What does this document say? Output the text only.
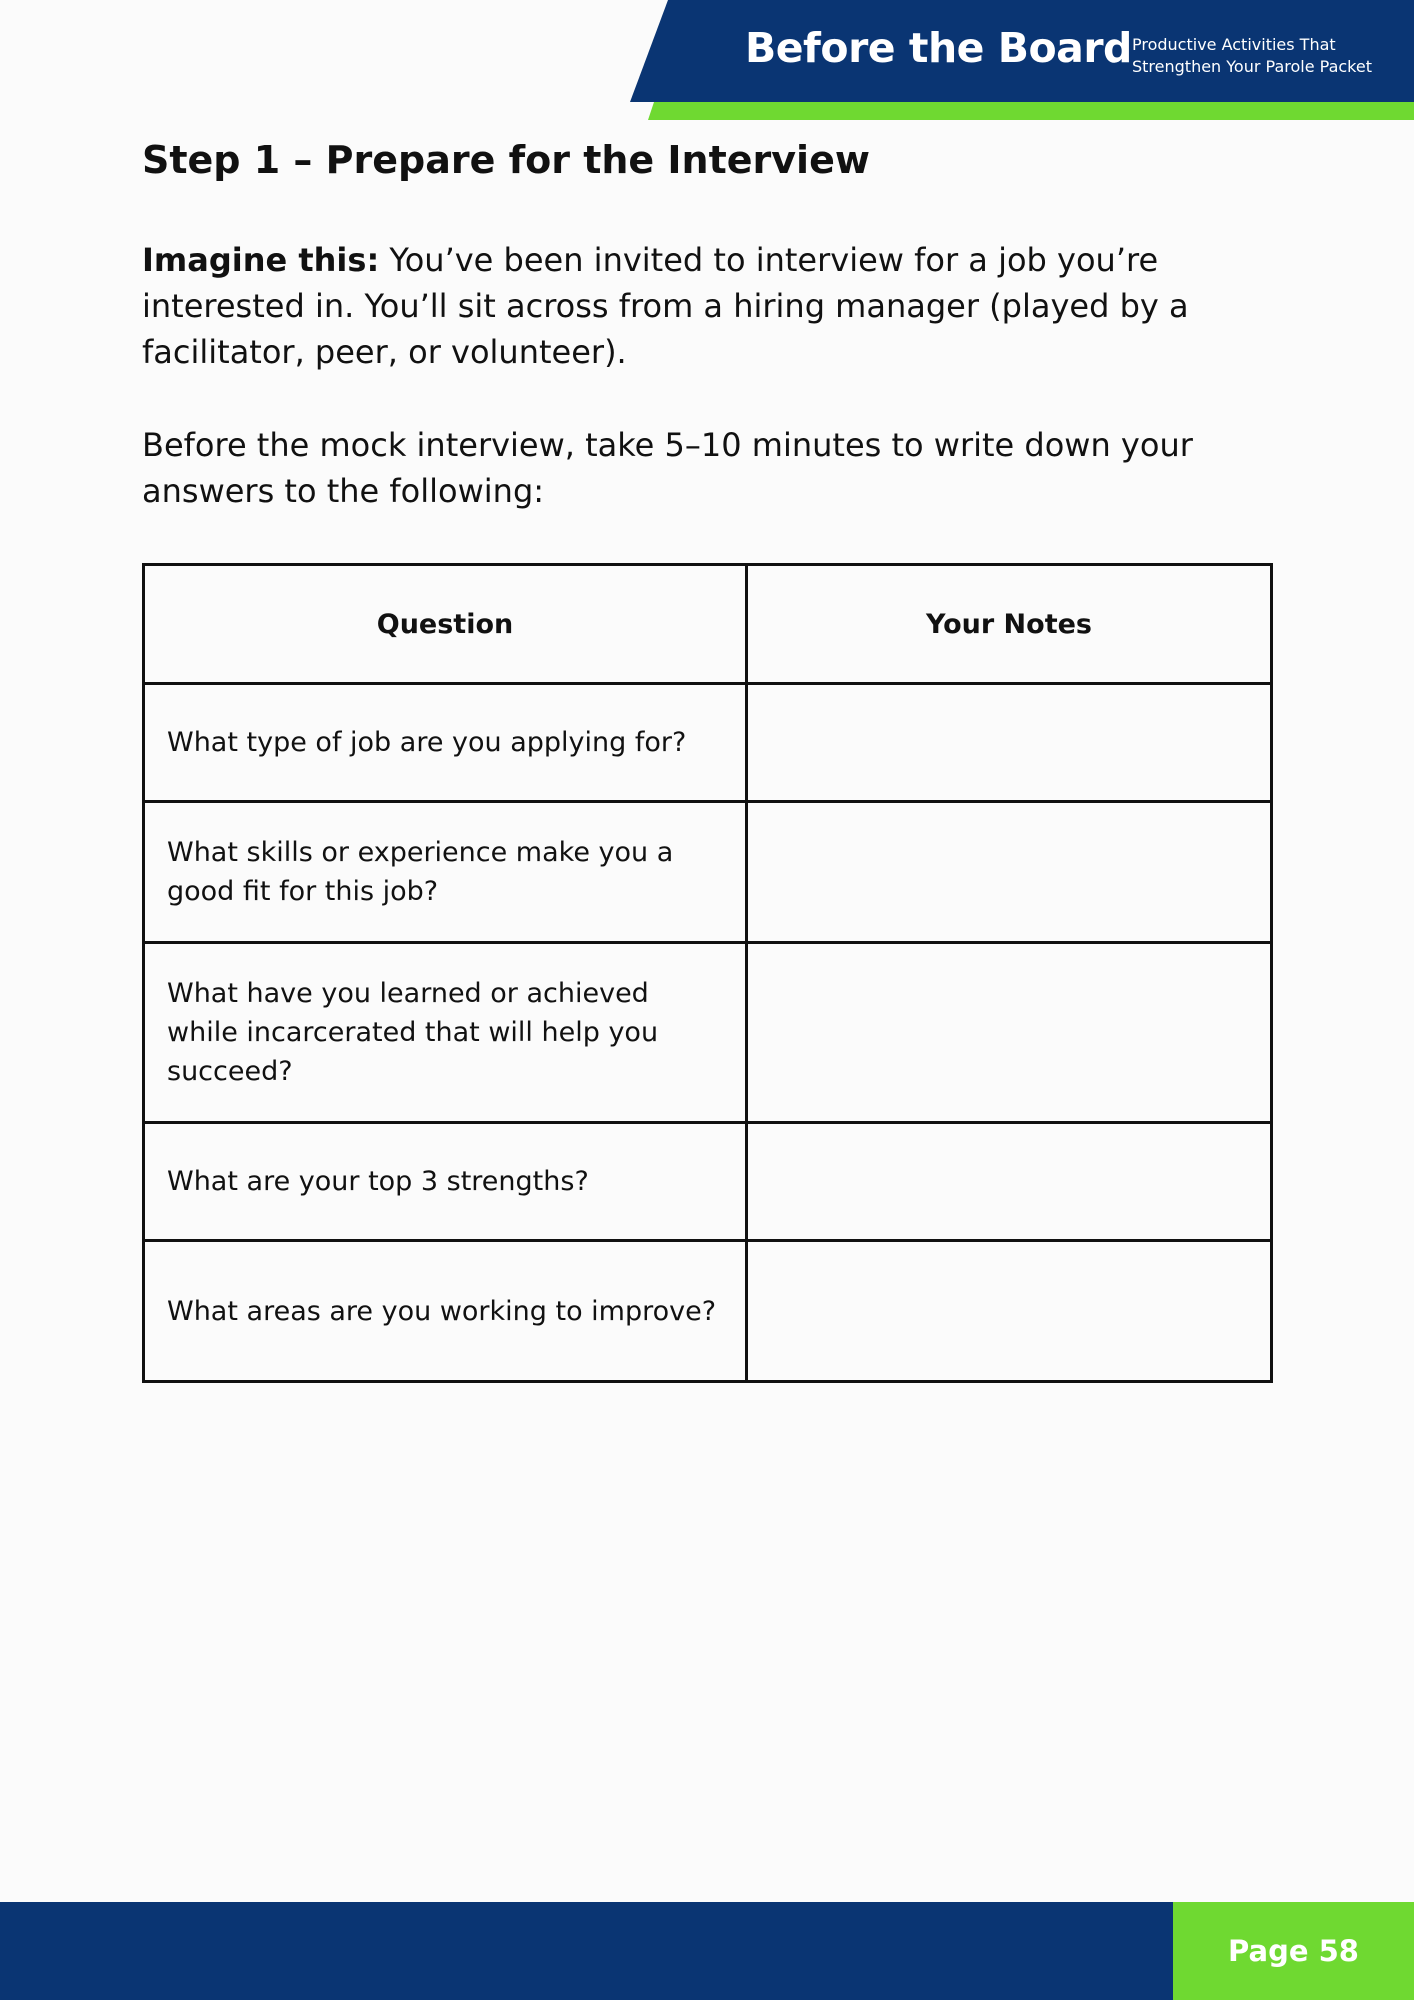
Before the Board Productive Activities That
Strengthen Your Parole Packet
Step 1 – Prepare for the Interview

Imagine this: You’ve been invited to interview for a job you’re interested in. You’ll sit across from a hiring manager (played by a facilitator, peer, or volunteer).

Before the mock interview, take 5–10 minutes to write down your answers to the following:

Question	Your Notes
What type of job are you applying for?	
What skills or experience make you a good fit for this job?	
What have you learned or achieved while incarcerated that will help you succeed?	
What are your top 3 strengths?	
What areas are you working to improve?	
Page 58
